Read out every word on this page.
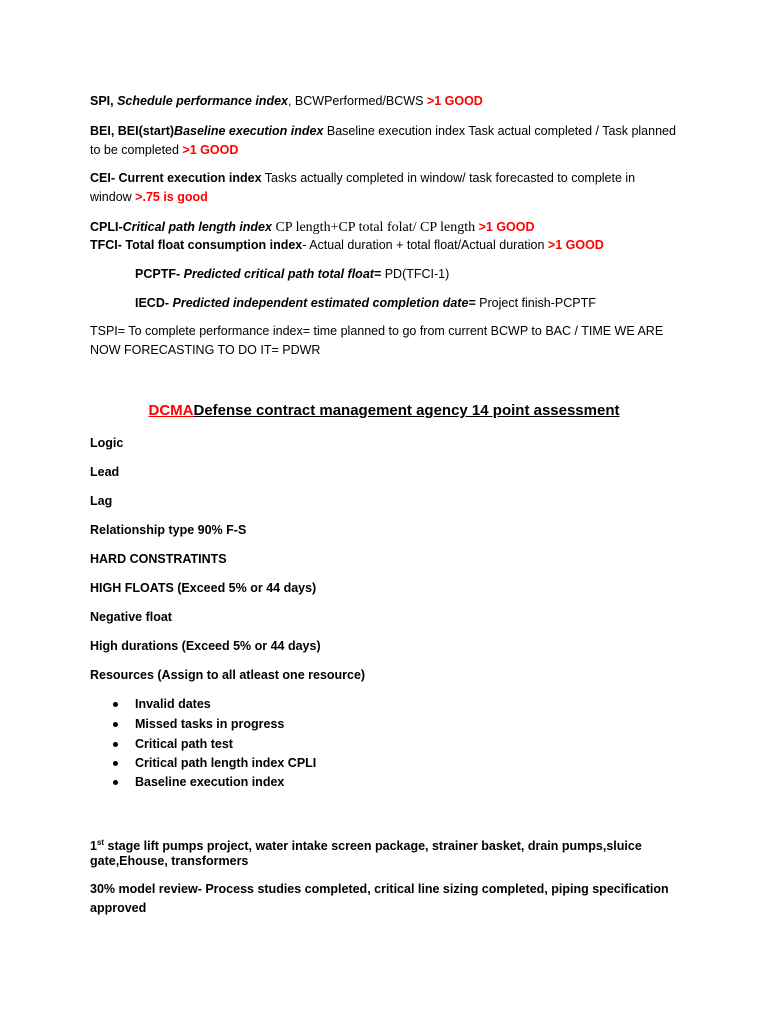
SPI, Schedule performance index, BCWPerformed/BCWS >1 GOOD
BEI, BEI(start)Baseline execution index Baseline execution index Task actual completed / Task planned
to be completed >1 GOOD
CEI- Current execution index Tasks actually completed in window/ task forecasted to complete in
window >.75 is good
CPLI-Critical path length index CP length+CP total folat/ CP length >1 GOOD
TFCI- Total float consumption index- Actual duration + total float/Actual duration >1 GOOD
PCPTF- Predicted critical path total float= PD(TFCI-1)
IECD- Predicted independent estimated completion date= Project finish-PCPTF
TSPI= To complete performance index= time planned to go from current BCWP to BAC / TIME WE ARE
NOW FORECASTING TO DO IT= PDWR
DCMADefense contract management agency 14 point assessment
Logic
Lead
Lag
Relationship type 90% F-S
HARD CONSTRATINTS
HIGH FLOATS (Exceed 5% or 44 days)
Negative float
High durations (Exceed 5% or 44 days)
Resources (Assign to all atleast one resource)
Invalid dates
Missed tasks in progress
Critical path test
Critical path length index CPLI
Baseline execution index
1st stage lift pumps project, water intake screen package, strainer basket, drain pumps,sluice
gate,Ehouse, transformers
30% model review- Process studies completed, critical line sizing completed, piping specification
approved
